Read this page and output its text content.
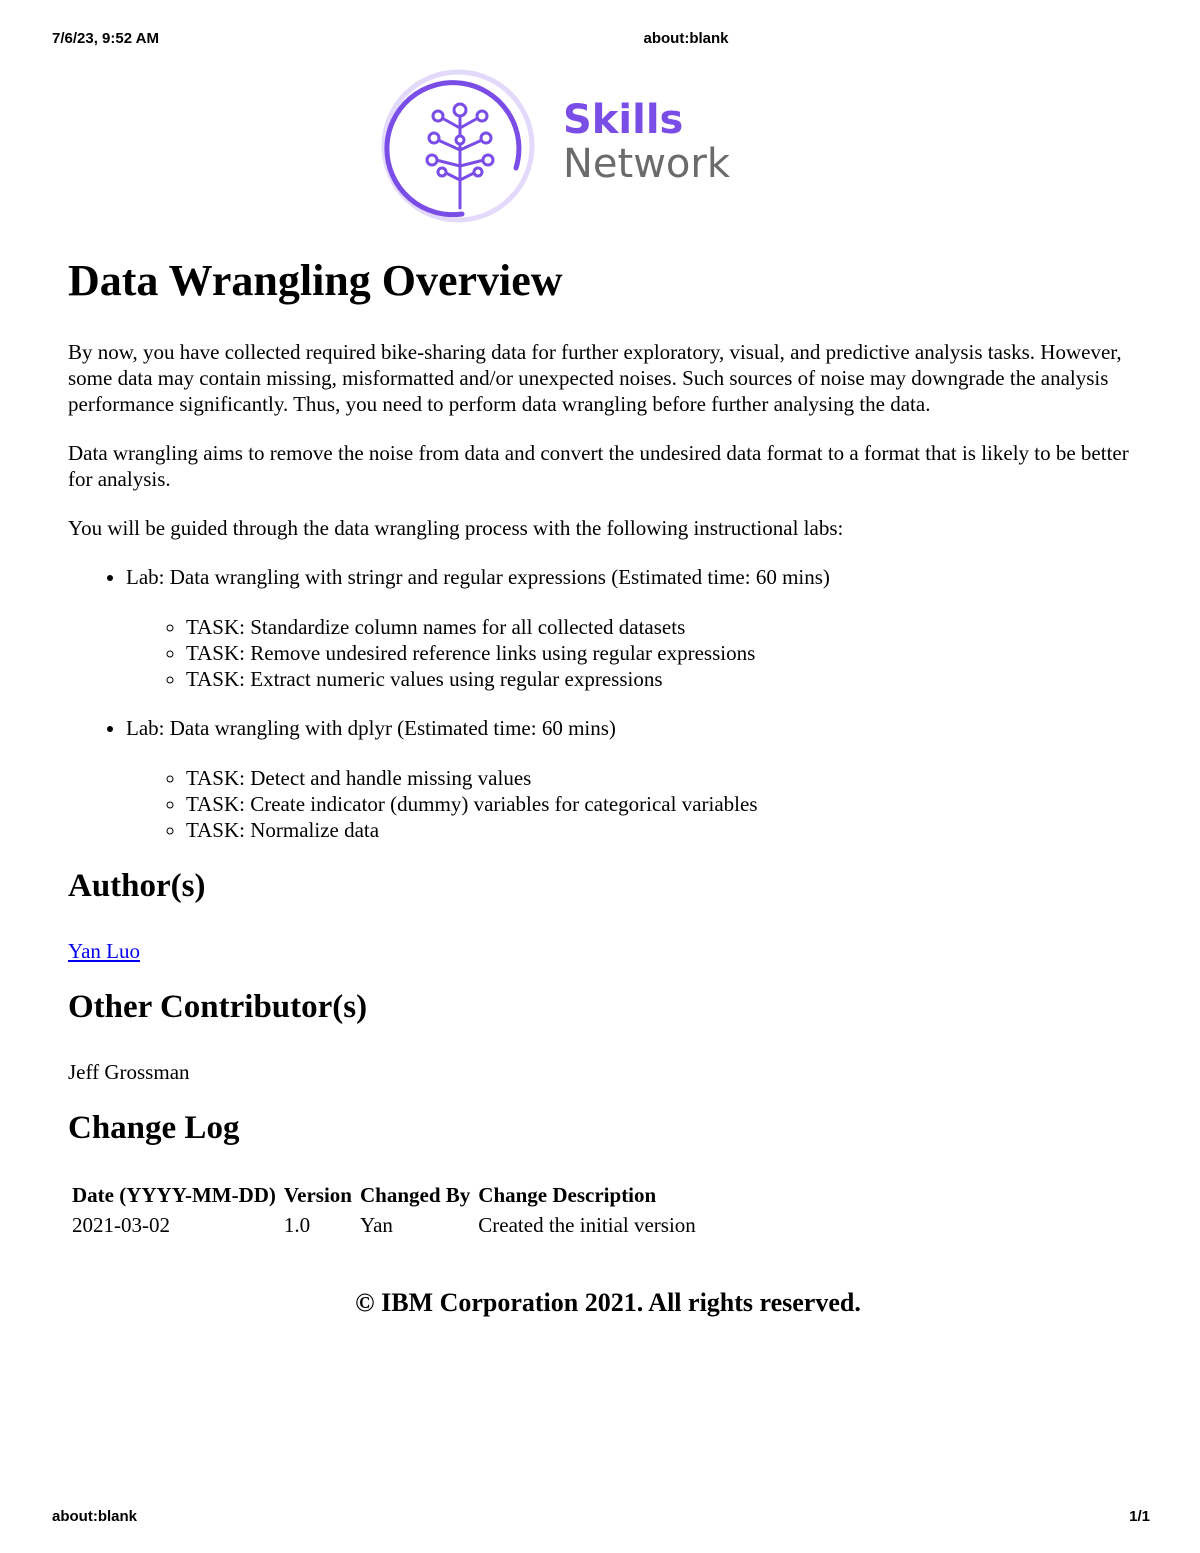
7/6/23, 9:52 AM	about:blank
Skills
Network
Data Wrangling Overview

By now, you have collected required bike-sharing data for further exploratory, visual, and predictive analysis tasks. However, some data may contain missing, misformatted and/or unexpected noises. Such sources of noise may downgrade the analysis performance significantly. Thus, you need to perform data wrangling before further analysing the data.

Data wrangling aims to remove the noise from data and convert the undesired data format to a format that is likely to be better for analysis.

You will be guided through the data wrangling process with the following instructional labs:

• Lab: Data wrangling with stringr and regular expressions (Estimated time: 60 mins)
◦ TASK: Standardize column names for all collected datasets
◦ TASK: Remove undesired reference links using regular expressions
◦ TASK: Extract numeric values using regular expressions
• Lab: Data wrangling with dplyr (Estimated time: 60 mins)
◦ TASK: Detect and handle missing values
◦ TASK: Create indicator (dummy) variables for categorical variables
◦ TASK: Normalize data
Author(s)

Yan Luo

Other Contributor(s)

Jeff Grossman

Change Log
Date (YYYY-MM-DD)	Version	Changed By	Change Description
2021-03-02	1.0	Yan	Created the initial version
© IBM Corporation 2021. All rights reserved.
about:blank	1/1
